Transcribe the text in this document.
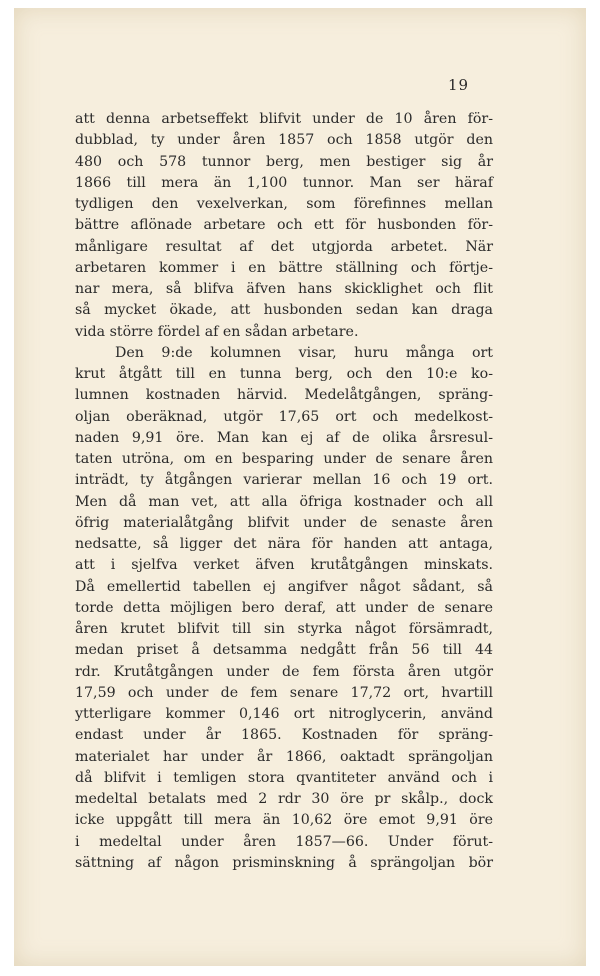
19
att denna arbetseffekt blifvit under de 10 åren för-
dubblad, ty under åren 1857 och 1858 utgör den
480 och 578 tunnor berg, men bestiger sig år
1866 till mera än 1,100 tunnor. Man ser häraf
tydligen den vexelverkan, som förefinnes mellan
bättre aflönade arbetare och ett för husbonden för-
månligare resultat af det utgjorda arbetet. När
arbetaren kommer i en bättre ställning och förtje-
nar mera, så blifva äfven hans skicklighet och flit
så mycket ökade, att husbonden sedan kan draga
vida större fördel af en sådan arbetare.
Den 9:de kolumnen visar, huru många ort
krut åtgått till en tunna berg, och den 10:e ko-
lumnen kostnaden härvid. Medelåtgången, spräng-
oljan oberäknad, utgör 17,65 ort och medelkost-
naden 9,91 öre. Man kan ej af de olika årsresul-
taten utröna, om en besparing under de senare åren
inträdt, ty åtgången varierar mellan 16 och 19 ort.
Men då man vet, att alla öfriga kostnader och all
öfrig materialåtgång blifvit under de senaste åren
nedsatte, så ligger det nära för handen att antaga,
att i sjelfva verket äfven krutåtgången minskats.
Då emellertid tabellen ej angifver något sådant, så
torde detta möjligen bero deraf, att under de senare
åren krutet blifvit till sin styrka något försämradt,
medan priset å detsamma nedgått från 56 till 44
rdr. Krutåtgången under de fem första åren utgör
17,59 och under de fem senare 17,72 ort, hvartill
ytterligare kommer 0,146 ort nitroglycerin, använd
endast under år 1865. Kostnaden för spräng-
materialet har under år 1866, oaktadt sprängoljan
då blifvit i temligen stora qvantiteter använd och i
medeltal betalats med 2 rdr 30 öre pr skålp., dock
icke uppgått till mera än 10,62 öre emot 9,91 öre
i medeltal under åren 1857—66. Under förut-
sättning af någon prisminskning å sprängoljan bör
